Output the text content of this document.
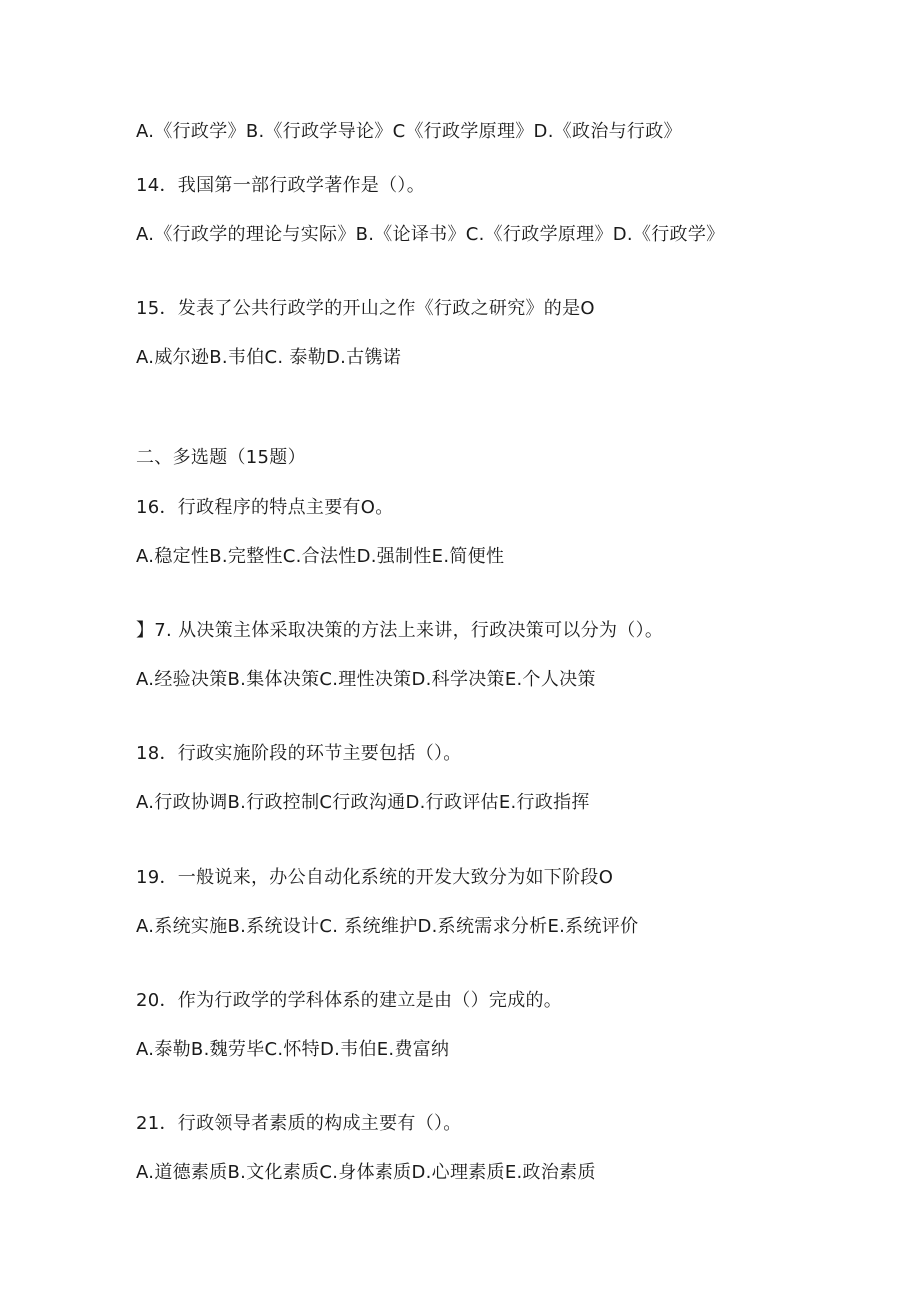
A.《行政学》B.《行政学导论》C《行政学原理》D.《政治与行政》
14．我国第一部行政学著作是（）。
A.《行政学的理论与实际》B.《论译书》C.《行政学原理》D.《行政学》
15．发表了公共行政学的开山之作《行政之研究》的是O
A.威尔逊B.韦伯C. 泰勒D.古镌诺
二、多选题（15题）
16．行政程序的特点主要有O。
A.稳定性B.完整性C.合法性D.强制性E.简便性
】7. 从决策主体采取决策的方法上来讲，行政决策可以分为（）。
A.经验决策B.集体决策C.理性决策D.科学决策E.个人决策
18．行政实施阶段的环节主要包括（）。
A.行政协调B.行政控制C行政沟通D.行政评估E.行政指挥
19．一般说来，办公自动化系统的开发大致分为如下阶段O
A.系统实施B.系统设计C. 系统维护D.系统需求分析E.系统评价
20．作为行政学的学科体系的建立是由（）完成的。
A.泰勒B.魏劳毕C.怀特D.韦伯E.费富纳
21．行政领导者素质的构成主要有（）。
A.道德素质B.文化素质C.身体素质D.心理素质E.政治素质
